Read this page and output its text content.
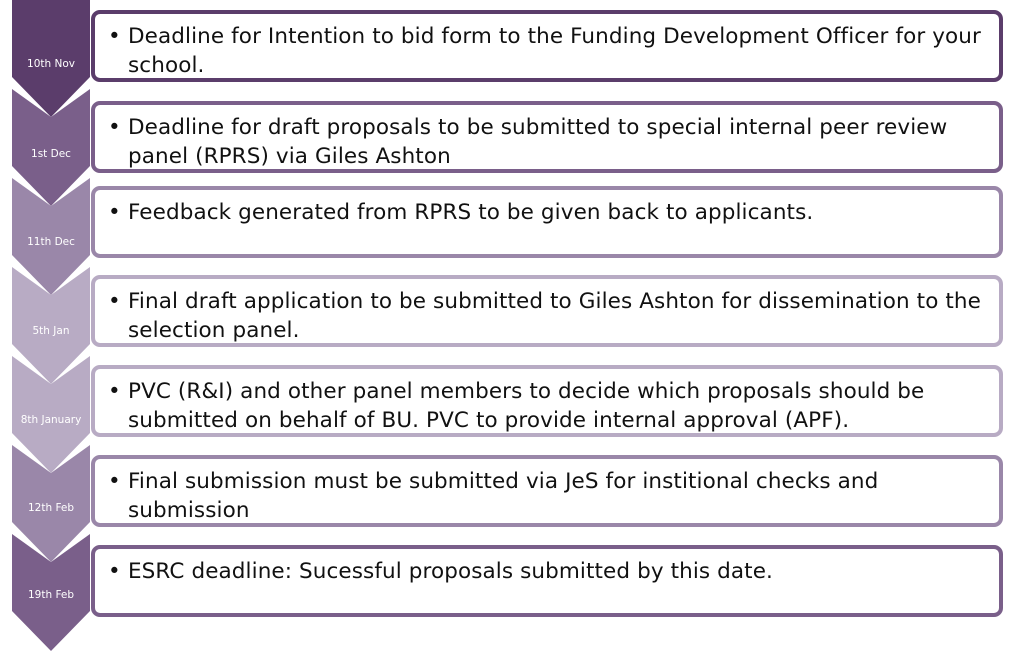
10th Nov
• Deadline for Intention to bid form to the Funding Development Officer for your school.
1st Dec
• Deadline for draft proposals to be submitted to special internal peer review panel (RPRS) via Giles Ashton
11th Dec
• Feedback generated from RPRS to be given back to applicants.
5th Jan
• Final draft application to be submitted to Giles Ashton for dissemination to the selection panel.
8th January
• PVC (R&I) and other panel members to decide which proposals should be submitted on behalf of BU. PVC to provide internal approval (APF).
12th Feb
• Final submission must be submitted via JeS for institional checks and submission
19th Feb
• ESRC deadline: Sucessful proposals submitted by this date.
